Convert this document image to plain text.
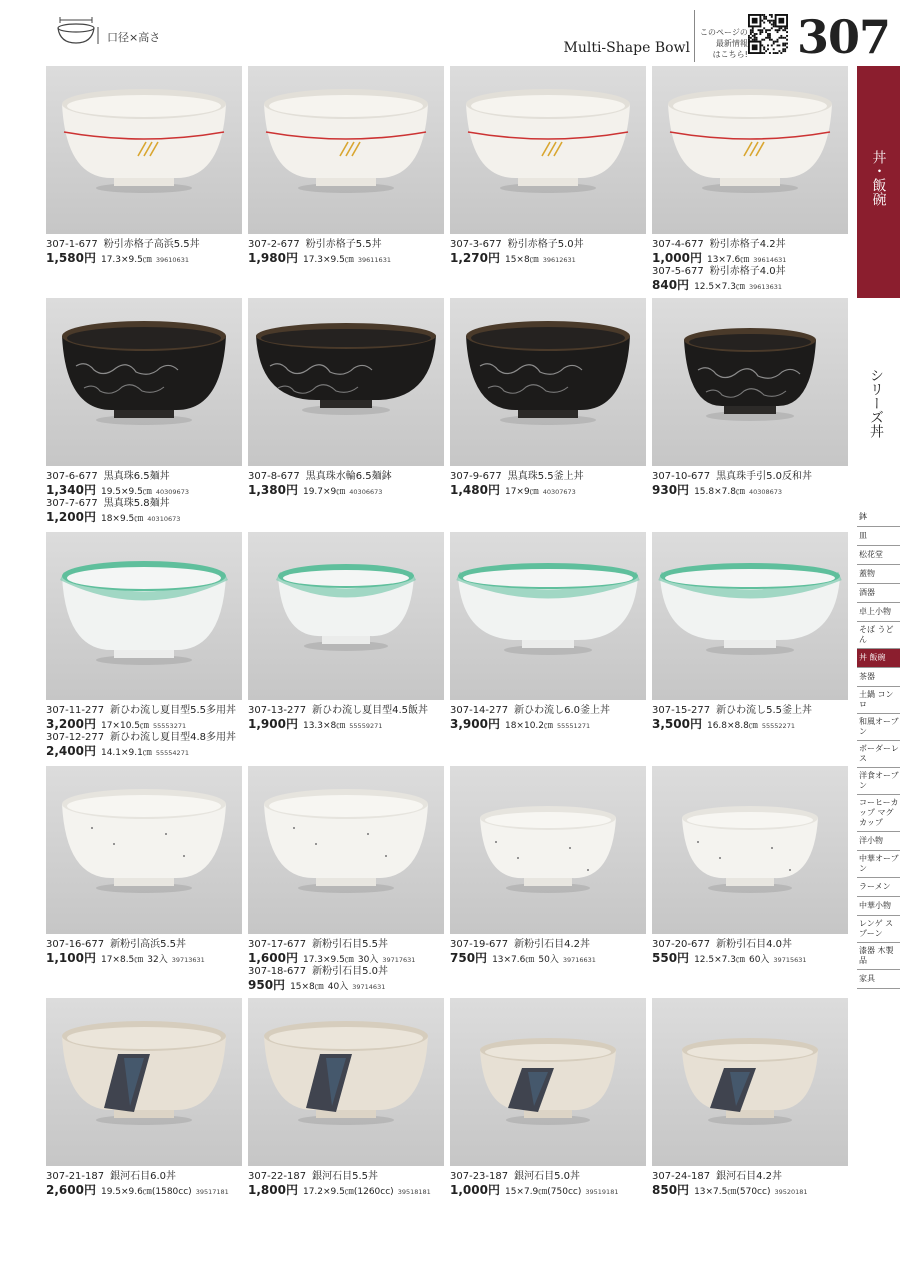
口径×高さ
Multi-Shape Bowl
このページの
最新情報
はこちら! 307
丼・飯碗
シリーズ丼
鉢
皿
松花堂
蓋物
酒器
卓上小物
そば うどん
丼 飯碗
茶器
土鍋 コンロ
和風オーブン
ボーダーレス
洋食オーブン
コーヒーカップ マグカップ
洋小物
中華オーブン
ラーメン
中華小物
レンゲ スプーン
漆器 木製品
家具
307-1-677 粉引赤格子高浜5.5丼
1,580円 17.3×9.5㎝ 39610631
307-2-677 粉引赤格子5.5丼
1,980円 17.3×9.5㎝ 39611631
307-3-677 粉引赤格子5.0丼
1,270円 15×8㎝ 39612631
307-4-677 粉引赤格子4.2丼
1,000円 13×7.6㎝ 39614631
307-5-677 粉引赤格子4.0丼
840円 12.5×7.3㎝ 39613631
307-6-677 黒真珠6.5麺丼
1,340円 19.5×9.5㎝ 40309673
307-7-677 黒真珠5.8麺丼
1,200円 18×9.5㎝ 40310673
307-8-677 黒真珠水輪6.5麺鉢
1,380円 19.7×9㎝ 40306673
307-9-677 黒真珠5.5釜上丼
1,480円 17×9㎝ 40307673
307-10-677 黒真珠手引5.0反和丼
930円 15.8×7.8㎝ 40308673
307-11-277 新ひわ流し夏目型5.5多用丼
3,200円 17×10.5㎝ 55553271
307-12-277 新ひわ流し夏目型4.8多用丼
2,400円 14.1×9.1㎝ 55554271
307-13-277 新ひわ流し夏目型4.5飯丼
1,900円 13.3×8㎝ 55559271
307-14-277 新ひわ流し6.0釜上丼
3,900円 18×10.2㎝ 55551271
307-15-277 新ひわ流し5.5釜上丼
3,500円 16.8×8.8㎝ 55552271
307-16-677 新粉引高浜5.5丼
1,100円 17×8.5㎝ 32入 39713631
307-17-677 新粉引石目5.5丼
1,600円 17.3×9.5㎝ 30入 39717631
307-18-677 新粉引石目5.0丼
950円 15×8㎝ 40入 39714631
307-19-677 新粉引石目4.2丼
750円 13×7.6㎝ 50入 39716631
307-20-677 新粉引石目4.0丼
550円 12.5×7.3㎝ 60入 39715631
307-21-187 銀河石目6.0丼
2,600円 19.5×9.6㎝(1580cc) 39517181
307-22-187 銀河石目5.5丼
1,800円 17.2×9.5㎝(1260cc) 39518181
307-23-187 銀河石目5.0丼
1,000円 15×7.9㎝(750cc) 39519181
307-24-187 銀河石目4.2丼
850円 13×7.5㎝(570cc) 39520181
